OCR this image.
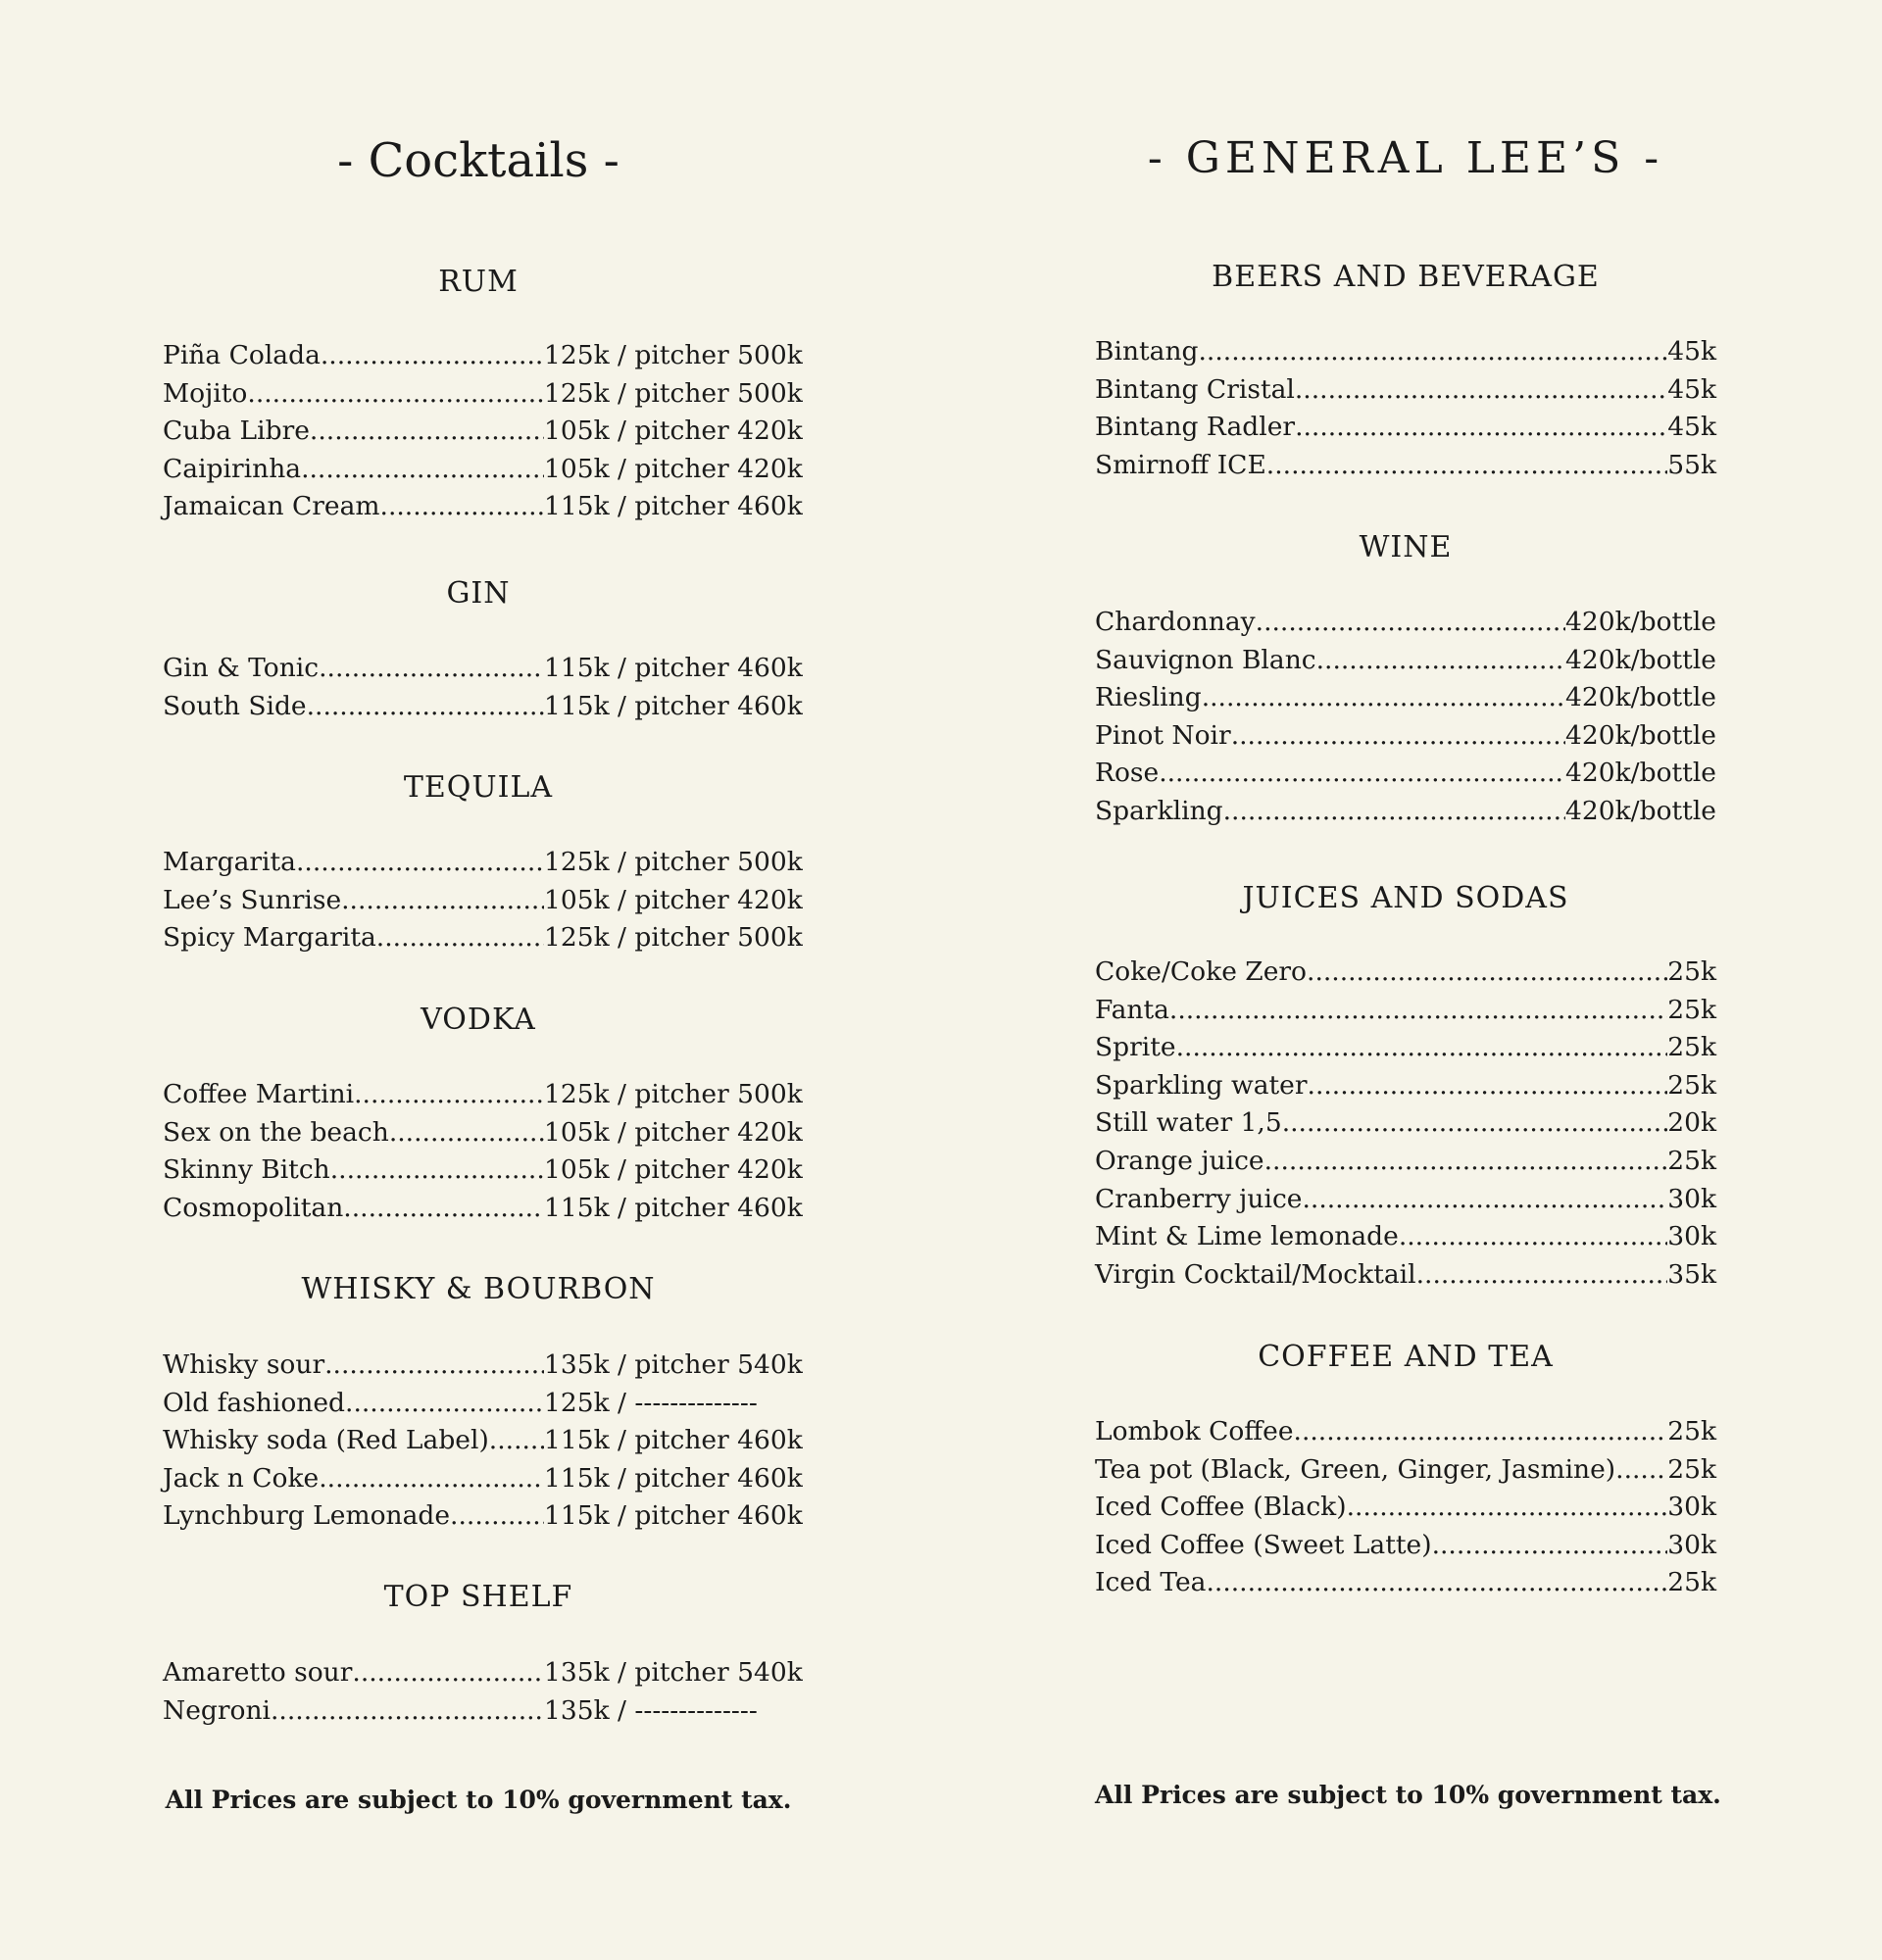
- Cocktails -
RUM
Piña Colada .....	125k / pitcher 500k
Mojito .....	125k / pitcher 500k
Cuba Libre .....	105k / pitcher 420k
Caipirinha .....	105k / pitcher 420k
Jamaican Cream .....	115k / pitcher 460k
GIN
Gin & Tonic .....	115k / pitcher 460k
South Side .....	115k / pitcher 460k
TEQUILA
Margarita .....	125k / pitcher 500k
Lee’s Sunrise .....	105k / pitcher 420k
Spicy Margarita .....	125k / pitcher 500k
VODKA
Coffee Martini .....	125k / pitcher 500k
Sex on the beach .....	105k / pitcher 420k
Skinny Bitch .....	105k / pitcher 420k
Cosmopolitan .....	115k / pitcher 460k
WHISKY & BOURBON
Whisky sour .....	135k / pitcher 540k
Old fashioned .....	125k / --------------
Whisky soda (Red Label) ..... 115k / pitcher 460k
Jack n Coke .....	115k / pitcher 460k
Lynchburg Lemonade .....	115k / pitcher 460k
TOP SHELF
Amaretto sour .....	135k / pitcher 540k
Negroni .....	135k / --------------
All Prices are subject to 10% government tax.
- GENERAL LEE’S -
BEERS AND BEVERAGE
Bintang .....	45k
Bintang Cristal .....	45k
Bintang Radler .....	45k
Smirnoff ICE .....	55k
WINE
Chardonnay .....	420k/bottle
Sauvignon Blanc .....	420k/bottle
Riesling .....	420k/bottle
Pinot Noir .....	420k/bottle
Rose .....	420k/bottle
Sparkling .....	420k/bottle
JUICES AND SODAS
Coke/Coke Zero .....	25k
Fanta .....	25k
Sprite .....	25k
Sparkling water .....	25k
Still water 1,5 .....	20k
Orange juice .....	25k
Cranberry juice .....	30k
Mint & Lime lemonade .....	30k
Virgin Cocktail/Mocktail .....	35k
COFFEE AND TEA
Lombok Coffee .....	25k
Tea pot (Black, Green, Ginger, Jasmine) ..... 25k
Iced Coffee (Black) .....	30k
Iced Coffee (Sweet Latte) .....	30k
Iced Tea .....	25k
All Prices are subject to 10% government tax.
